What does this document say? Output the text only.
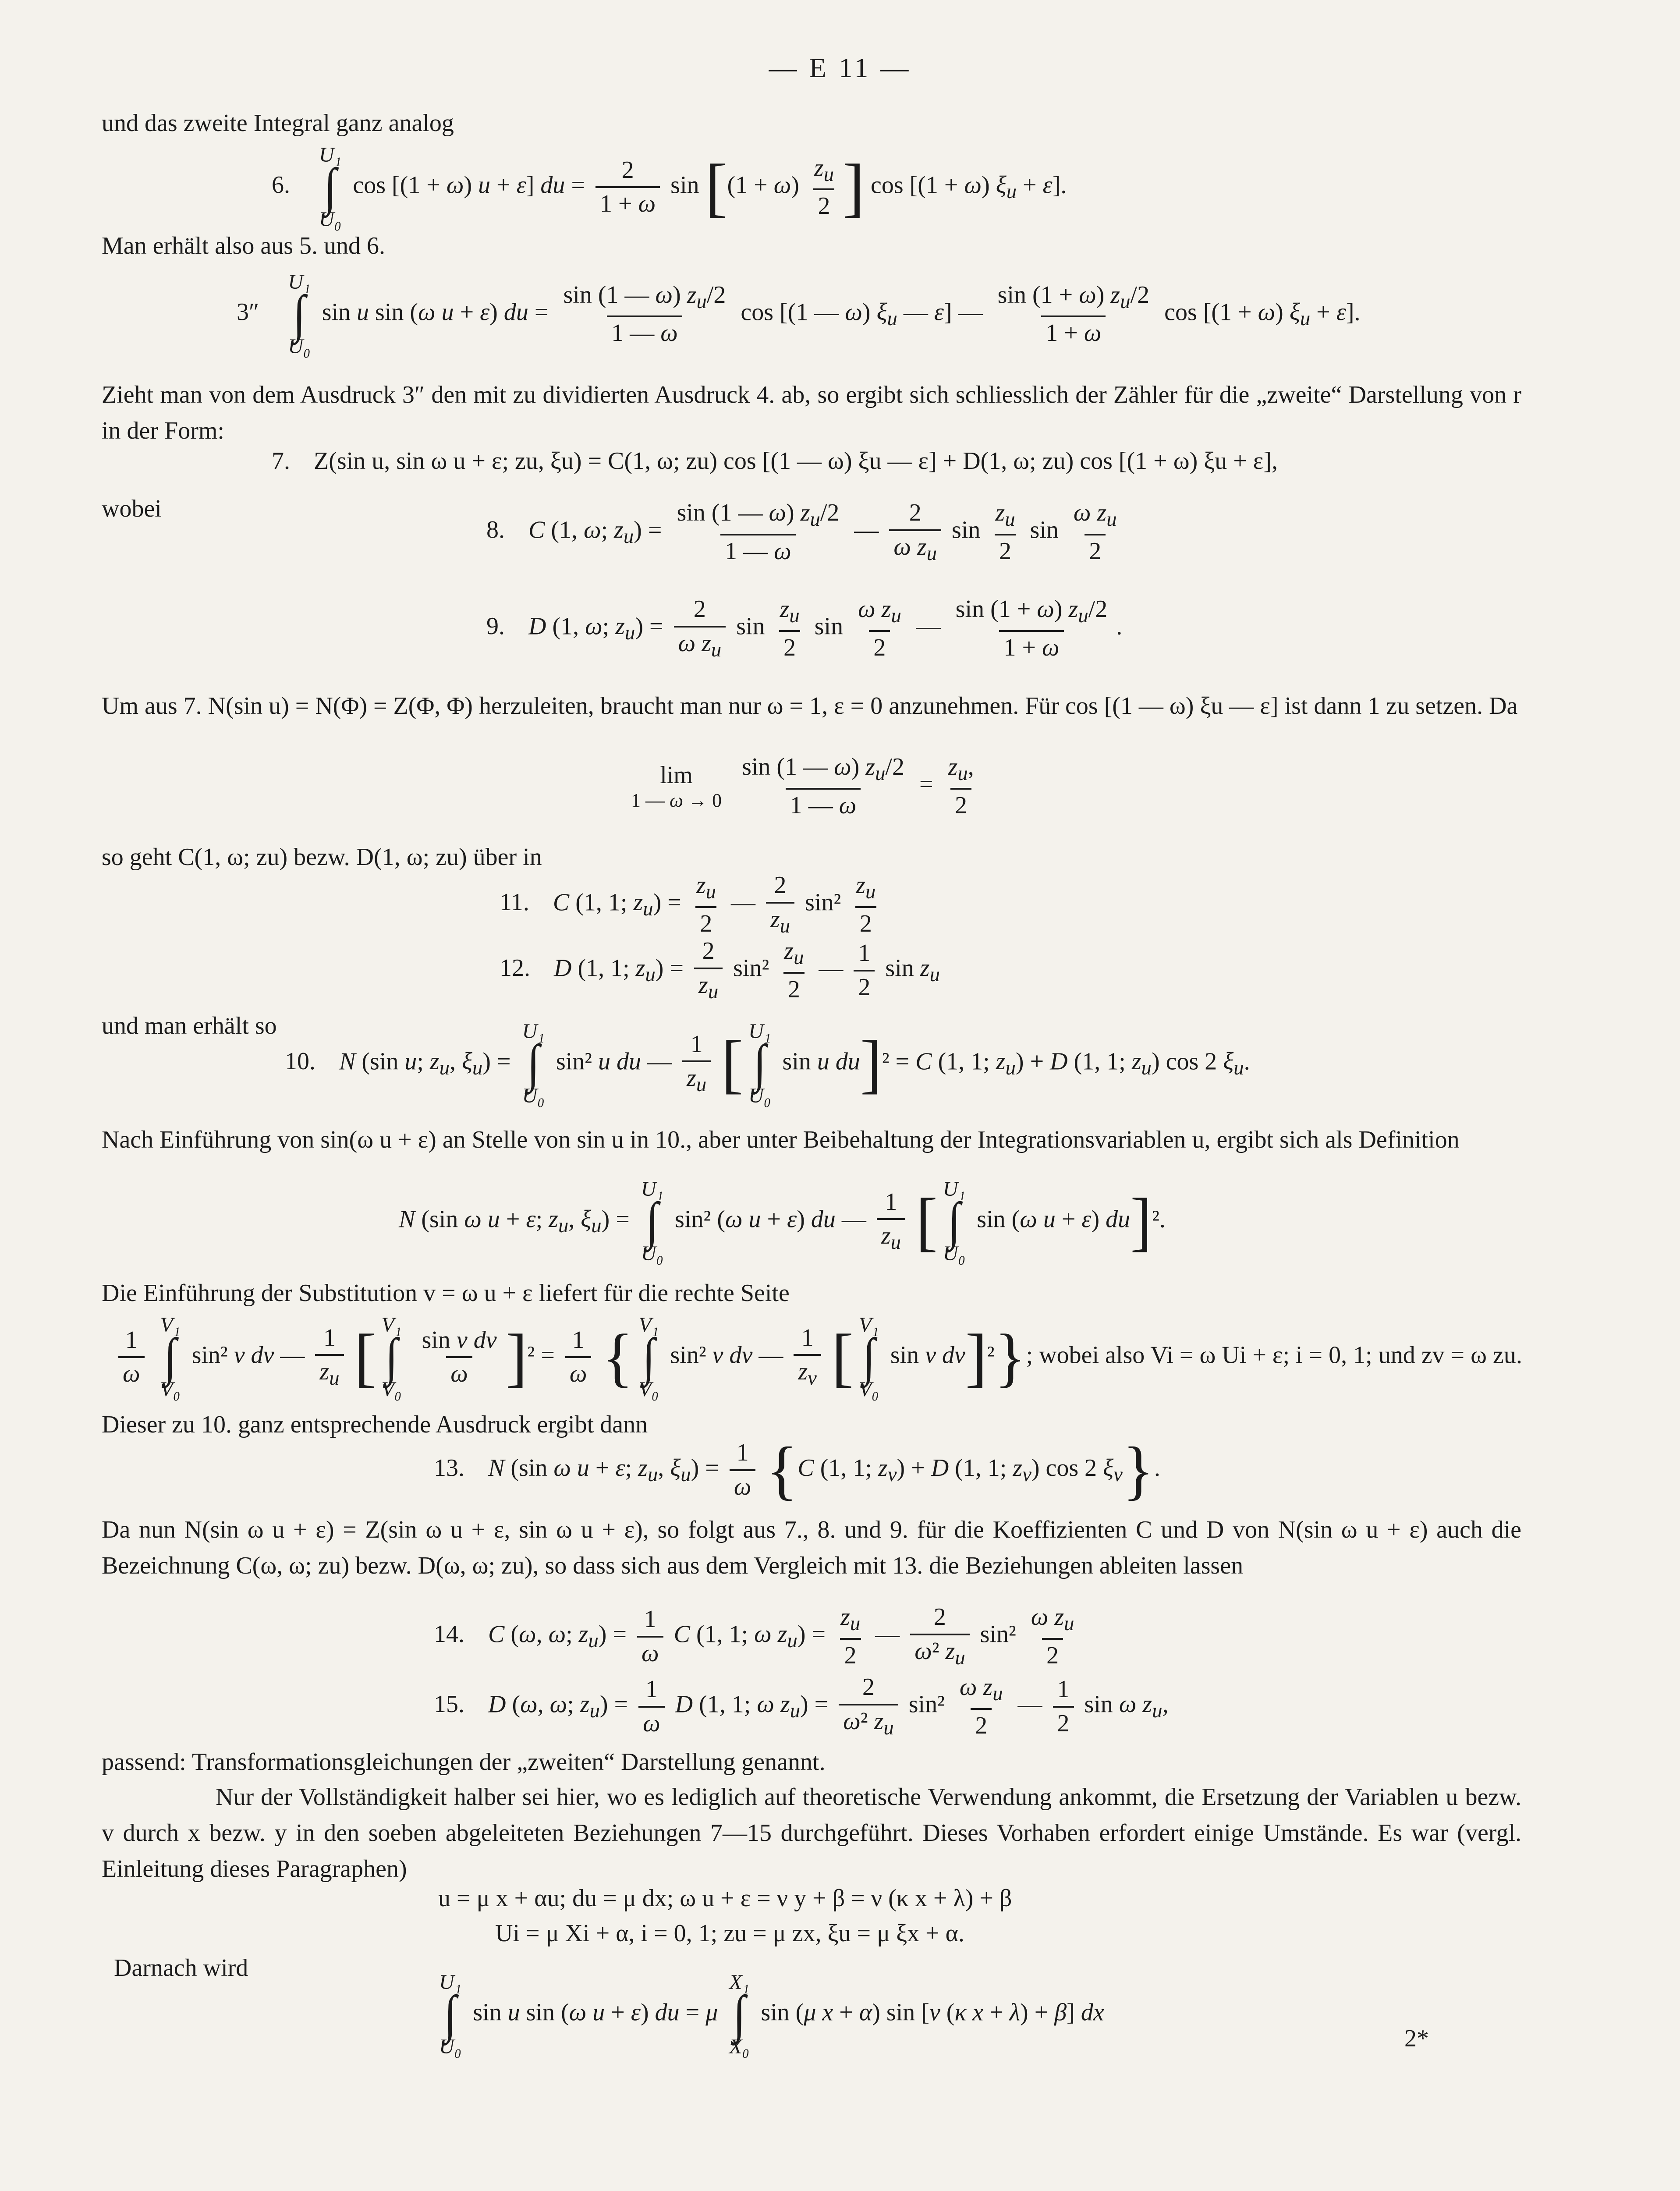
— E 11 —
und das zweite Integral ganz analog
6.
U₁
∫
U₀
cos [(1 + ω) u + ε] du = $\frac{2}{1 + \omega}$ $\sin [(1 + \omega) \frac{z_u}{2}$ ] cos [(1 + ω) $\xi_u + \varepsilon$].
Man erhält also aus 5. und 6.
3″
U₁
∫
U₀
sin u sin (ω u + ε) du = $\frac{\sin (1 — \omega) z_u/2}{1 — \omega}$ cos [(1 — ω) $\xi_u$ — ε] — $\frac{\sin (1 + \omega) z_u/2}{1 + \omega}$ cos [(1 + ω) $\xi_u + \varepsilon$].
Zieht man von dem Ausdruck 3″ den mit zu dividierten Ausdruck 4. ab, so ergibt sich schliesslich der Zähler für die „zweite“ Darstellung von r in der Form:
7. Z(sin u, sin ω u + ε; zu, ξu) = C(1, ω; zu) cos [(1 — ω) ξu — ε] + D(1, ω; zu) cos [(1 + ω) ξu + ε],
wobei
8. C (1, ω; $z_u) = \frac{\sin (1 — \omega) z_u/2}{1 — \omega}$ — $\frac{2}{\omega z_u}$ $\sin \frac{z_u}{2}$ $\sin \frac{\omega z_u}{2}$
9. D (1, ω; $z_u) = \frac{2}{\omega z_u}$ $\sin \frac{z_u}{2}$ $\sin \frac{\omega z_u}{2}$ — $\frac{\sin (1 + \omega) z_u/2}{1 + \omega}$ .
Um aus 7. N(sin u) = N(Φ) = Z(Φ, Φ) herzuleiten, braucht man nur ω = 1, ε = 0 anzunehmen. Für cos [(1 — ω) ξu — ε] ist dann 1 zu setzen. Da
lim
1 — ω → 0
$\frac{\sin (1 — \omega) z_u/2}{1 — \omega} = \frac{z_u,}{2}$
so geht C(1, ω; zu) bezw. D(1, ω; zu) über in
11. C (1, 1; $z_u) = \frac{z_u}{2}$ — $\frac{2}{z_u} \sin^2 \frac{z_u}{2}$
12. D (1, 1; $z_u) = \frac{2}{z_u} \sin^2 \frac{z_u}{2}$ — $\frac{1}{2}$ $\sin z_u$
und man erhält so
10. N (sin u; $z_u$, $\xi_u$) =
U₁
∫
U₀
sin² u du — $\frac{1}{z_u}$ [ U₁
∫
U₀
sin u du]² = C (1, 1; $z_u) + D$ (1, 1; $z_u$) cos 2 $\xi_u$.
Nach Einführung von sin(ω u + ε) an Stelle von sin u in 10., aber unter Beibehaltung der Integrationsvariablen u, ergibt sich als Definition
N (sin ω u + ε; $z_u$, $\xi_u$) =
U₁
∫
U₀
sin² (ω u + ε) du — $\frac{1}{z_u}$ [ U₁
∫
U₀
sin (ω u + ε) du]².
Die Einführung der Substitution v = ω u + ε liefert für die rechte Seite
$\frac{1}{\omega}$

V₁
∫
V₀
sin² v dv — $\frac{1}{z_u}$ [ V₁
∫
V₀

$\frac{\text{sin v dv}}{\omega} ]^2 = \frac{1}{\omega}$ { V₁
∫
V₀
sin² v dv — $\frac{1}{z_v}$ [ V₁
∫
V₀
sin v dv]²}; wobei also Vi = ω Ui + ε; i = 0, 1; und zv = ω zu.
Dieser zu 10. ganz entsprechende Ausdruck ergibt dann
13. N (sin ω u + ε; $z_u$, $\xi_u) = \frac{1}{\omega} \{C$ (1, 1; $z_v) + D$ (1, 1; $z_v$) cos 2 $\xi_v$}.
Da nun N(sin ω u + ε) = Z(sin ω u + ε, sin ω u + ε), so folgt aus 7., 8. und 9. für die Koeffizienten C und D von N(sin ω u + ε) auch die Bezeichnung C(ω, ω; zu) bezw. D(ω, ω; zu), so dass sich aus dem Vergleich mit 13. die Beziehungen ableiten lassen
14. C (ω, ω; $z_u) = \frac{1}{\omega}$ C (1, 1; ω $z_u) = \frac{z_u}{2}$ — $\frac{2}{\omega^2 z_u} \sin^2 \frac{\omega z_u}{2}$
15. D (ω, ω; $z_u) = \frac{1}{\omega}$ D (1, 1; ω $z_u) = \frac{2}{\omega^2 z_u} \sin^2 \frac{\omega z_u}{2}$ — $\frac{1}{2}$ sin ω $z_u$,
passend: Transformationsgleichungen der „zweiten“ Darstellung genannt.
Nur der Vollständigkeit halber sei hier, wo es lediglich auf theoretische Verwendung ankommt, die Ersetzung der Variablen u bezw. v durch x bezw. y in den soeben abgeleiteten Beziehungen 7—15 durchgeführt. Dieses Vorhaben erfordert einige Umstände. Es war (vergl. Einleitung dieses Paragraphen)
u = μ x + αu; du = μ dx; ω u + ε = ν y + β = ν (κ x + λ) + β
Ui = μ Xi + α, i = 0, 1; zu = μ zx, ξu = μ ξx + α.
Darnach wird
U₁
∫
U₀
sin u sin (ω u + ε) du = μ
X₁
∫
X₀
sin (μ x + α) sin [ν (κ x + λ) + β] dx
2*
